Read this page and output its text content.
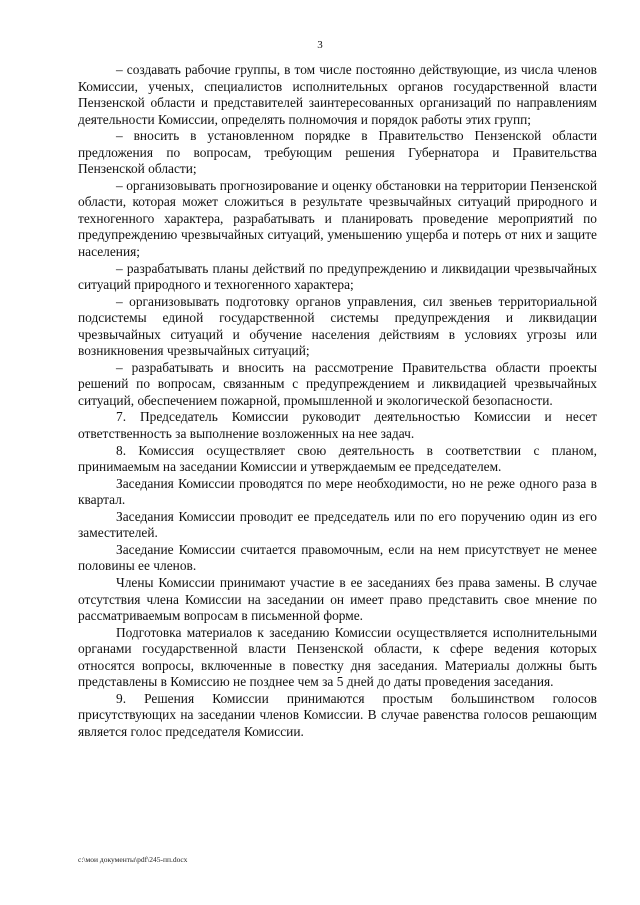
3

– создавать рабочие группы, в том числе постоянно действующие, из числа членов Комиссии, ученых, специалистов исполнительных органов государственной власти Пензенской области и представителей заинтересованных организаций по направлениям деятельности Комиссии, определять полномочия и порядок работы этих групп;

– вносить в установленном порядке в Правительство Пензенской области предложения по вопросам, требующим решения Губернатора и Правительства Пензенской области;

– организовывать прогнозирование и оценку обстановки на территории Пензенской области, которая может сложиться в результате чрезвычайных ситуаций природного и техногенного характера, разрабатывать и планировать проведение мероприятий по предупреждению чрезвычайных ситуаций, уменьшению ущерба и потерь от них и защите населения;

– разрабатывать планы действий по предупреждению и ликвидации чрезвычайных ситуаций природного и техногенного характера;

– организовывать подготовку органов управления, сил звеньев территориальной подсистемы единой государственной системы предупреждения и ликвидации чрезвычайных ситуаций и обучение населения действиям в условиях угрозы или возникновения чрезвычайных ситуаций;

– разрабатывать и вносить на рассмотрение Правительства области проекты решений по вопросам, связанным с предупреждением и ликвидацией чрезвычайных ситуаций, обеспечением пожарной, промышленной и экологической безопасности.

7. Председатель Комиссии руководит деятельностью Комиссии и несет ответственность за выполнение возложенных на нее задач.

8. Комиссия осуществляет свою деятельность в соответствии с планом, принимаемым на заседании Комиссии и утверждаемым ее председателем.

Заседания Комиссии проводятся по мере необходимости, но не реже одного раза в квартал.

Заседания Комиссии проводит ее председатель или по его поручению один из его заместителей.

Заседание Комиссии считается правомочным, если на нем присутствует не менее половины ее членов.

Члены Комиссии принимают участие в ее заседаниях без права замены. В случае отсутствия члена Комиссии на заседании он имеет право представить свое мнение по рассматриваемым вопросам в письменной форме.

Подготовка материалов к заседанию Комиссии осуществляется исполнительными органами государственной власти Пензенской области, к сфере ведения которых относятся вопросы, включенные в повестку дня заседания. Материалы должны быть представлены в Комиссию не позднее чем за 5 дней до даты проведения заседания.

9. Решения Комиссии принимаются простым большинством голосов присутствующих на заседании членов Комиссии. В случае равенства голосов решающим является голос председателя Комиссии.

c:\мои документы\pdf\245-пп.docx
